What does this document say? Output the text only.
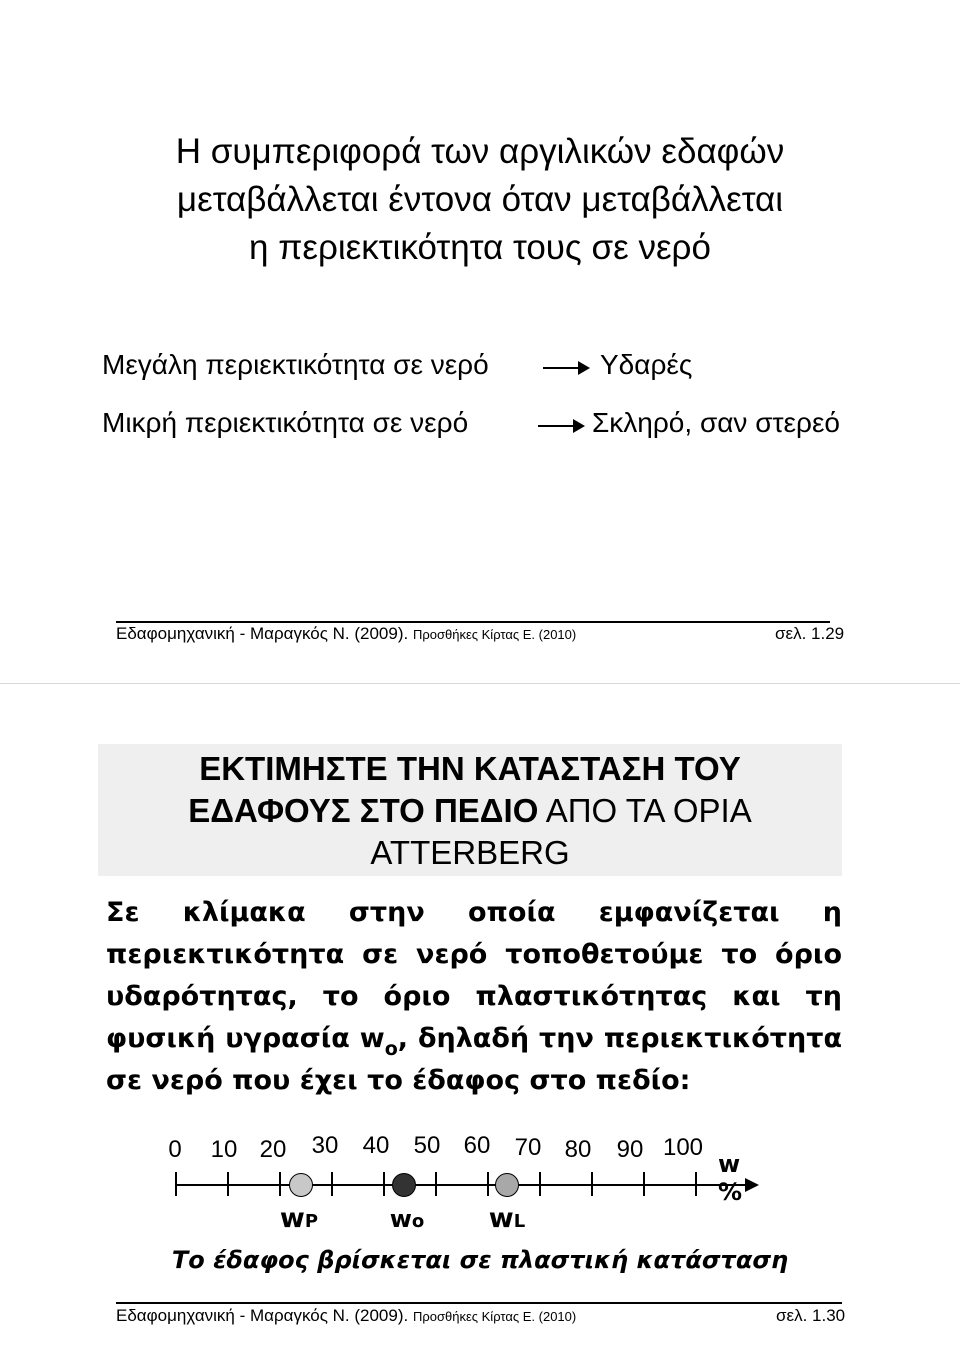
Η συμπεριφορά των αργιλικών εδαφών
μεταβάλλεται έντονα όταν μεταβάλλεται
η περιεκτικότητα τους σε νερό
Μεγάλη περιεκτικότητα σε νερό	Υδαρές
Μικρή περιεκτικότητα σε νερό	Σκληρό, σαν στερεό
Εδαφομηχανική - Μαραγκός Ν. (2009). Προσθήκες Κίρτας Ε. (2010)	σελ. 1.29
ΕΚΤΙΜΗΣΤΕ ΤΗΝ ΚΑΤΑΣΤΑΣΗ ΤΟΥ
ΕΔΑΦΟΥΣ ΣΤΟ ΠΕΔΙΟ ΑΠΟ ΤΑ ΟΡΙΑ
ATTERBERG
Σε κλίμακα στην οποία εμφανίζεται η
περιεκτικότητα σε νερό τοποθετούμε το όριο
υδαρότητας, το όριο πλαστικότητας και τη
φυσική υγρασία $w_o$, δηλαδή την περιεκτικότητα
σε νερό που έχει το έδαφος στο πεδίο:
0 10 20 30 40 50 60 70 80 90 100
w %
wP	wo wL
Το έδαφος βρίσκεται σε πλαστική κατάσταση
Εδαφομηχανική - Μαραγκός Ν. (2009). Προσθήκες Κίρτας Ε. (2010)	σελ. 1.30
